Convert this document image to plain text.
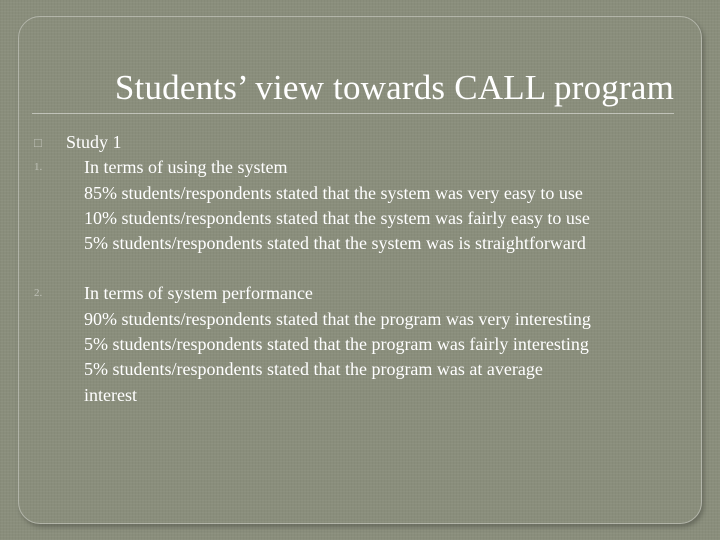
Students’ view towards CALL program
□ Study 1
1. In terms of using the system
85% students/respondents stated that the system was very easy to use
10% students/respondents stated that the system was fairly easy to use
5% students/respondents stated that the system was is straightforward
2. In terms of system performance
90% students/respondents stated that the program was very interesting
5% students/respondents stated that the program was fairly interesting
5% students/respondents stated that the program was at average
interest
